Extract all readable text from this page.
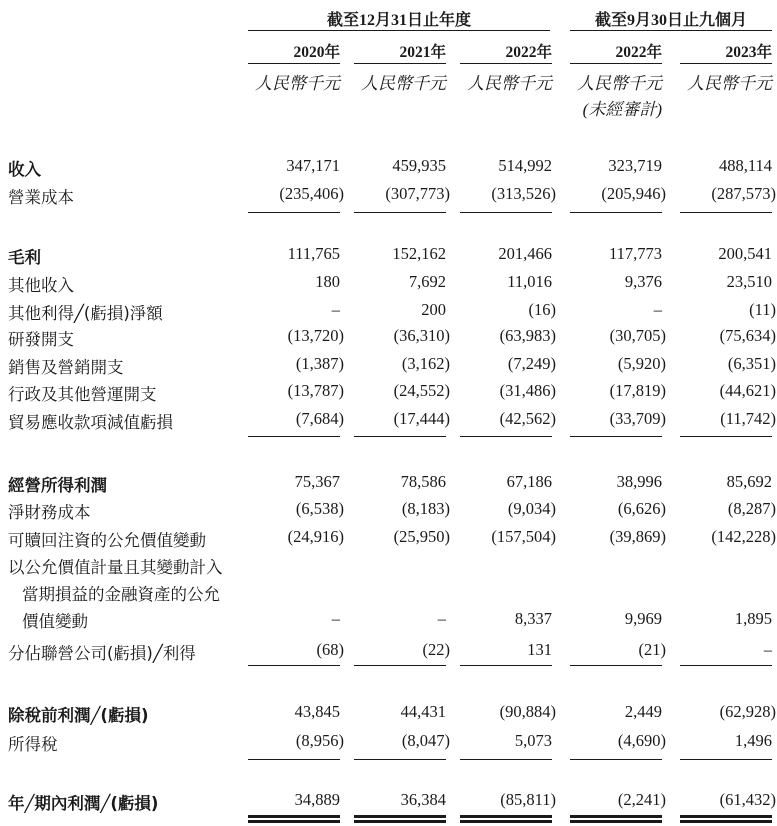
截至12月31日止年度	截至9月30日止九個月
2020年	2021年	2022年	2022年	2023年
人民幣千元	人民幣千元	人民幣千元	人民幣千元	人民幣千元
(未經審計)
收入	347,171	459,935	514,992	323,719	488,114
營業成本	(235,406)	(307,773)	(313,526)	(205,946)	(287,573)
毛利	111,765	152,162	201,466	117,773	200,541
其他收入	180	7,692	11,016	9,376	23,510
其他利得╱(虧損)淨額	–	200	(16)	–	(11)
研發開支	(13,720)	(36,310)	(63,983)	(30,705)	(75,634)
銷售及營銷開支	(1,387)	(3,162)	(7,249)	(5,920)	(6,351)
行政及其他營運開支	(13,787)	(24,552)	(31,486)	(17,819)	(44,621)
貿易應收款項減值虧損	(7,684)	(17,444)	(42,562)	(33,709)	(11,742)
經營所得利潤	75,367	78,586	67,186	38,996	85,692
淨財務成本	(6,538)	(8,183)	(9,034)	(6,626)	(8,287)
可贖回注資的公允價值變動	(24,916)	(25,950)	(157,504)	(39,869)	(142,228)
以公允價值計量且其變動計入
當期損益的金融資產的公允
價值變動	–	–	8,337	9,969	1,895
分佔聯營公司(虧損)╱利得	(68)	(22)	131	(21)	–
除稅前利潤╱(虧損)	43,845	44,431	(90,884)	2,449	(62,928)
所得稅	(8,956)	(8,047)	5,073	(4,690)	1,496
年╱期內利潤╱(虧損)	34,889	36,384	(85,811)	(2,241)	(61,432)
